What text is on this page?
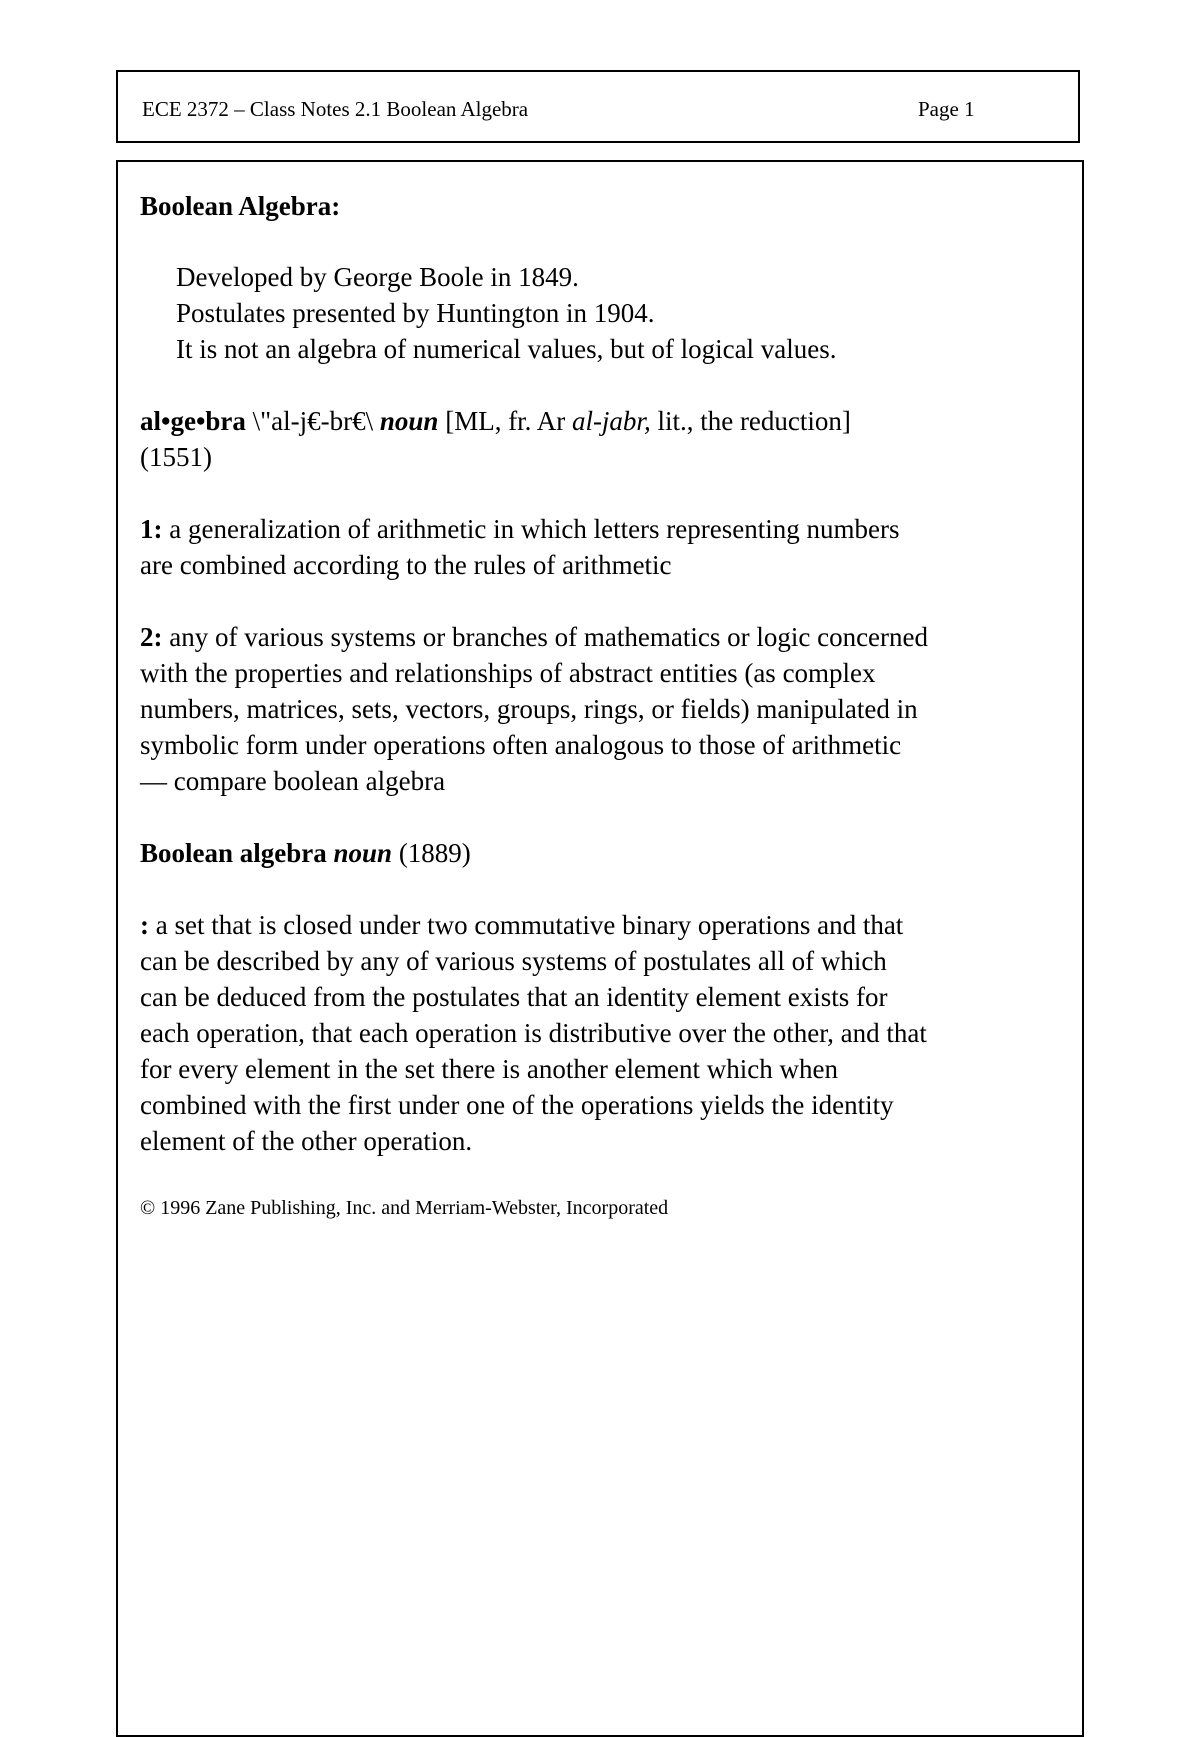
ECE 2372 – Class Notes 2.1 Boolean Algebra	Page 1
Boolean Algebra:
Developed by George Boole in 1849.
Postulates presented by Huntington in 1904.
It is not an algebra of numerical values, but of logical values.
al•ge•bra \"al-j€-br€\ noun [ML, fr. Ar al-jabr, lit., the reduction]
(1551)
1: a generalization of arithmetic in which letters representing numbers
are combined according to the rules of arithmetic
2: any of various systems or branches of mathematics or logic concerned
with the properties and relationships of abstract entities (as complex
numbers, matrices, sets, vectors, groups, rings, or fields) manipulated in
symbolic form under operations often analogous to those of arithmetic
— compare boolean algebra
Boolean algebra noun (1889)
: a set that is closed under two commutative binary operations and that
can be described by any of various systems of postulates all of which
can be deduced from the postulates that an identity element exists for
each operation, that each operation is distributive over the other, and that
for every element in the set there is another element which when
combined with the first under one of the operations yields the identity
element of the other operation.
© 1996 Zane Publishing, Inc. and Merriam-Webster, Incorporated
